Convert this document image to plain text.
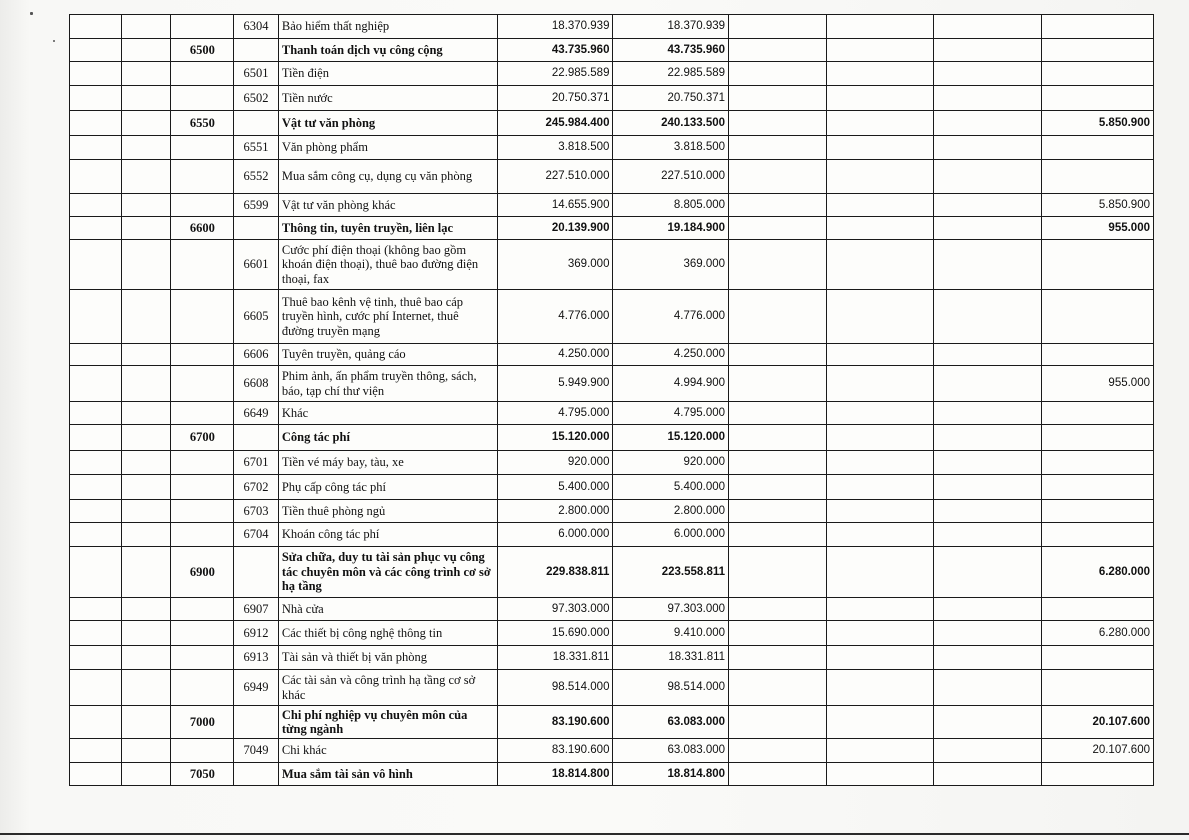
			6304	Bảo hiểm thất nghiệp	18.370.939	18.370.939				
		6500		Thanh toán dịch vụ công cộng	43.735.960	43.735.960				
			6501	Tiền điện	22.985.589	22.985.589				
			6502	Tiền nước	20.750.371	20.750.371				
		6550		Vật tư văn phòng	245.984.400	240.133.500				5.850.900
			6551	Văn phòng phẩm	3.818.500	3.818.500				
			6552	Mua sắm công cụ, dụng cụ văn phòng	227.510.000	227.510.000				
			6599	Vật tư văn phòng khác	14.655.900	8.805.000				5.850.900
		6600		Thông tin, tuyên truyền, liên lạc	20.139.900	19.184.900				955.000
			6601	Cước phí điện thoại (không bao gồm khoán điện thoại), thuê bao đường điện thoại, fax	369.000	369.000				
			6605	Thuê bao kênh vệ tinh, thuê bao cáp truyền hình, cước phí Internet, thuê đường truyền mạng	4.776.000	4.776.000				
			6606	Tuyên truyền, quảng cáo	4.250.000	4.250.000				
			6608	Phim ảnh, ấn phẩm truyền thông, sách, báo, tạp chí thư viện	5.949.900	4.994.900				955.000
			6649	Khác	4.795.000	4.795.000				
		6700		Công tác phí	15.120.000	15.120.000				
			6701	Tiền vé máy bay, tàu, xe	920.000	920.000				
			6702	Phụ cấp công tác phí	5.400.000	5.400.000				
			6703	Tiền thuê phòng ngủ	2.800.000	2.800.000				
			6704	Khoán công tác phí	6.000.000	6.000.000				
		6900		Sửa chữa, duy tu tài sản phục vụ công tác chuyên môn và các công trình cơ sở hạ tầng	229.838.811	223.558.811				6.280.000
			6907	Nhà cửa	97.303.000	97.303.000				
			6912	Các thiết bị công nghệ thông tin	15.690.000	9.410.000				6.280.000
			6913	Tài sản và thiết bị văn phòng	18.331.811	18.331.811				
			6949	Các tài sản và công trình hạ tầng cơ sở khác	98.514.000	98.514.000				
		7000		Chi phí nghiệp vụ chuyên môn của từng ngành	83.190.600	63.083.000				20.107.600
			7049	Chi khác	83.190.600	63.083.000				20.107.600
		7050		Mua sắm tài sản vô hình	18.814.800	18.814.800				
